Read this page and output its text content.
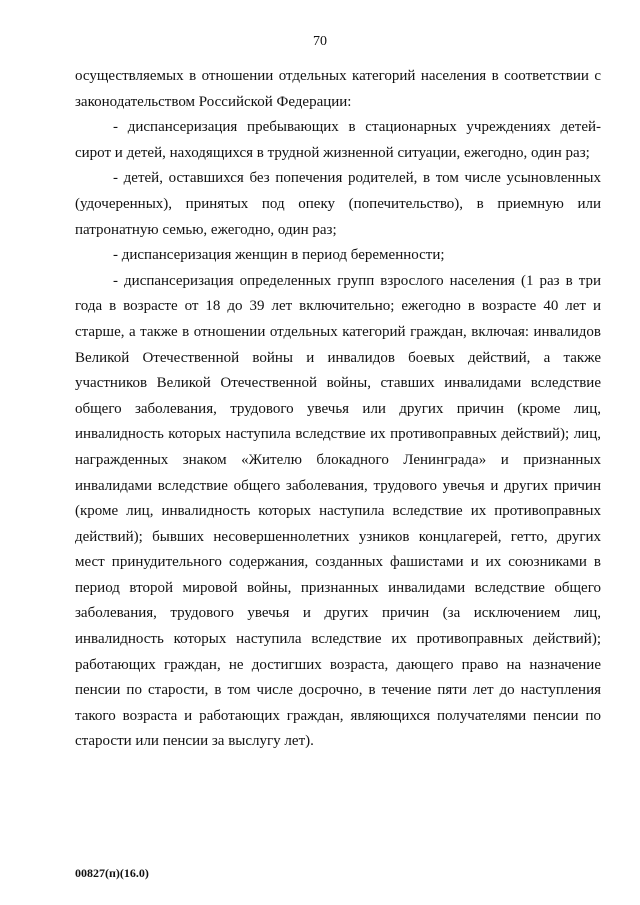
70

осуществляемых в отношении отдельных категорий населения в соответствии с законодательством Российской Федерации:

- диспансеризация пребывающих в стационарных учреждениях детей-сирот и детей, находящихся в трудной жизненной ситуации, ежегодно, один раз;

- детей, оставшихся без попечения родителей, в том числе усыновленных (удочеренных), принятых под опеку (попечительство), в приемную или патронатную семью, ежегодно, один раз;

- диспансеризация женщин в период беременности;

- диспансеризация определенных групп взрослого населения (1 раз в три года в возрасте от 18 до 39 лет включительно; ежегодно в возрасте 40 лет и старше, а также в отношении отдельных категорий граждан, включая: инвалидов Великой Отечественной войны и инвалидов боевых действий, а также участников Великой Отечественной войны, ставших инвалидами вследствие общего заболевания, трудового увечья или других причин (кроме лиц, инвалидность которых наступила вследствие их противоправных действий); лиц, награжденных знаком «Жителю блокадного Ленинграда» и признанных инвалидами вследствие общего заболевания, трудового увечья и других причин (кроме лиц, инвалидность которых наступила вследствие их противоправных действий); бывших несовершеннолетних узников концлагерей, гетто, других мест принудительного содержания, созданных фашистами и их союзниками в период второй мировой войны, признанных инвалидами вследствие общего заболевания, трудового увечья и других причин (за исключением лиц, инвалидность которых наступила вследствие их противоправных действий); работающих граждан, не достигших возраста, дающего право на назначение пенсии по старости, в том числе досрочно, в течение пяти лет до наступления такого возраста и работающих граждан, являющихся получателями пенсии по старости или пенсии за выслугу лет).

00827(п)(16.0)
